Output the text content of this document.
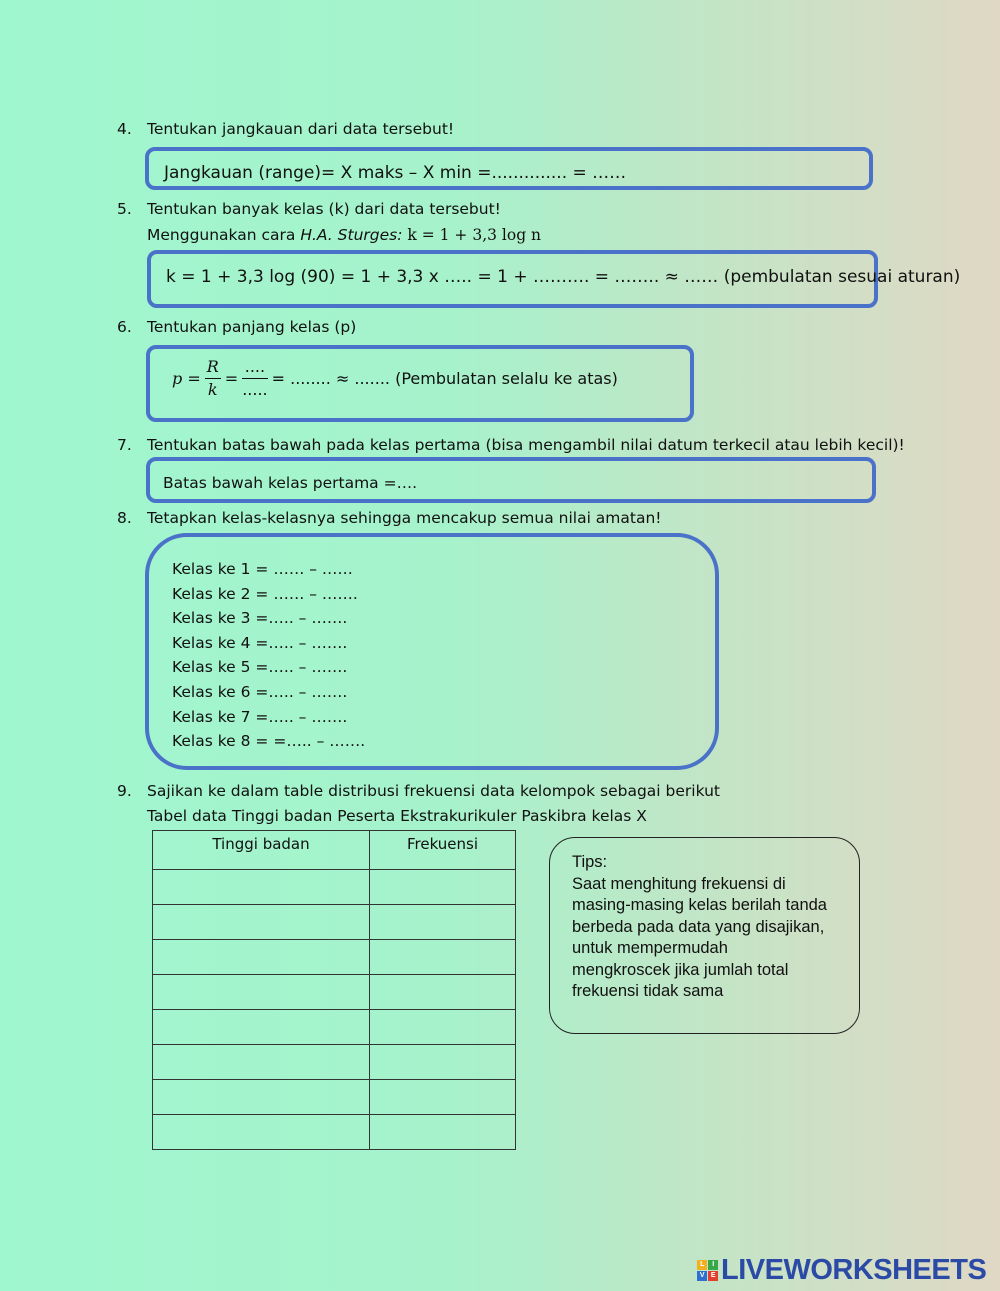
4. Tentukan jangkauan dari data tersebut!
Jangkauan (range)= X maks – X min =.............. = ……
5. Tentukan banyak kelas (k) dari data tersebut!
Menggunakan cara H.A. Sturges: k = 1 + 3,3 log n
k = 1 + 3,3 log (90) = 1 + 3,3 x ….. = 1 + ………. = …….. ≈ …… (pembulatan sesuai aturan)
6. Tentukan panjang kelas (p)
$p = \frac{R}{k} = \frac{....}{.....}$ = ........ ≈ ....... (Pembulatan selalu ke atas)
7. Tentukan batas bawah pada kelas pertama (bisa mengambil nilai datum terkecil atau lebih kecil)!
Batas bawah kelas pertama =….
8. Tetapkan kelas-kelasnya sehingga mencakup semua nilai amatan!
Kelas ke 1 = …… – ……
Kelas ke 2 = …… – …….
Kelas ke 3 =….. – …….
Kelas ke 4 =….. – …….
Kelas ke 5 =….. – …….
Kelas ke 6 =….. – …….
Kelas ke 7 =….. – …….
Kelas ke 8 = =….. – …….
9. Sajikan ke dalam table distribusi frekuensi data kelompok sebagai berikut
Tabel data Tinggi badan Peserta Ekstrakurikuler Paskibra kelas X
Tinggi badan	Frekuensi

Tips:
Saat menghitung frekuensi di
masing-masing kelas berilah tanda
berbeda pada data yang disajikan,
untuk mempermudah
mengkroscek jika jumlah total
frekuensi tidak sama
L	I
V E LIVEWORKSHEETS
